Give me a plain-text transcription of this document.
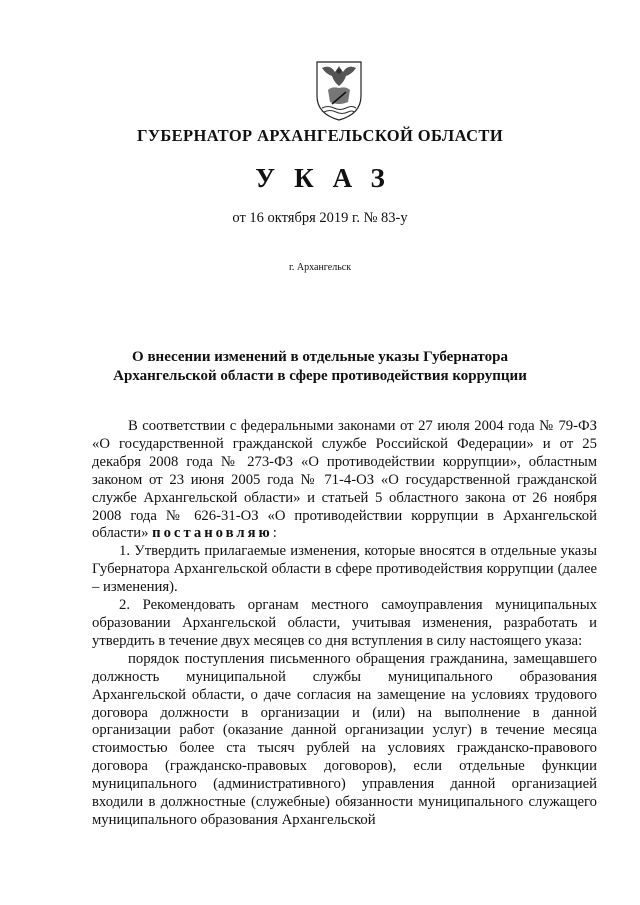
ГУБЕРНАТОР АРХАНГЕЛЬСКОЙ ОБЛАСТИ
УКАЗ
от 16 октября 2019 г. № 83-у
г. Архангельск
О внесении изменений в отдельные указы Губернатора
Архангельской области в сфере противодействия коррупции

В соответствии с федеральными законами от 27 июля 2004 года № 79-ФЗ «О государственной гражданской службе Российской Федерации» и от 25 декабря 2008 года № 273-ФЗ «О противодействии коррупции», областным законом от 23 июня 2005 года № 71-4-ОЗ «О государственной гражданской службе Архангельской области» и статьей 5 областного закона от 26 ноября 2008 года № 626-31-ОЗ «О противодействии коррупции в Архангельской области» постановляю:

1. Утвердить прилагаемые изменения, которые вносятся в отдельные указы Губернатора Архангельской области в сфере противодействия коррупции (далее – изменения).

2. Рекомендовать органам местного самоуправления муниципальных образовании Архангельской области, учитывая изменения, разработать и утвердить в течение двух месяцев со дня вступления в силу настоящего указа:

порядок поступления письменного обращения гражданина, замещавшего должность муниципальной службы муниципального образования Архангельской области, о даче согласия на замещение на условиях трудового договора должности в организации и (или) на выполнение в данной организации работ (оказание данной организации услуг) в течение месяца стоимостью более ста тысяч рублей на условиях гражданско-правового договора (гражданско-правовых договоров), если отдельные функции муниципального (административного) управления данной организацией входили в должностные (служебные) обязанности муниципального служащего муниципального образования Архангельской
